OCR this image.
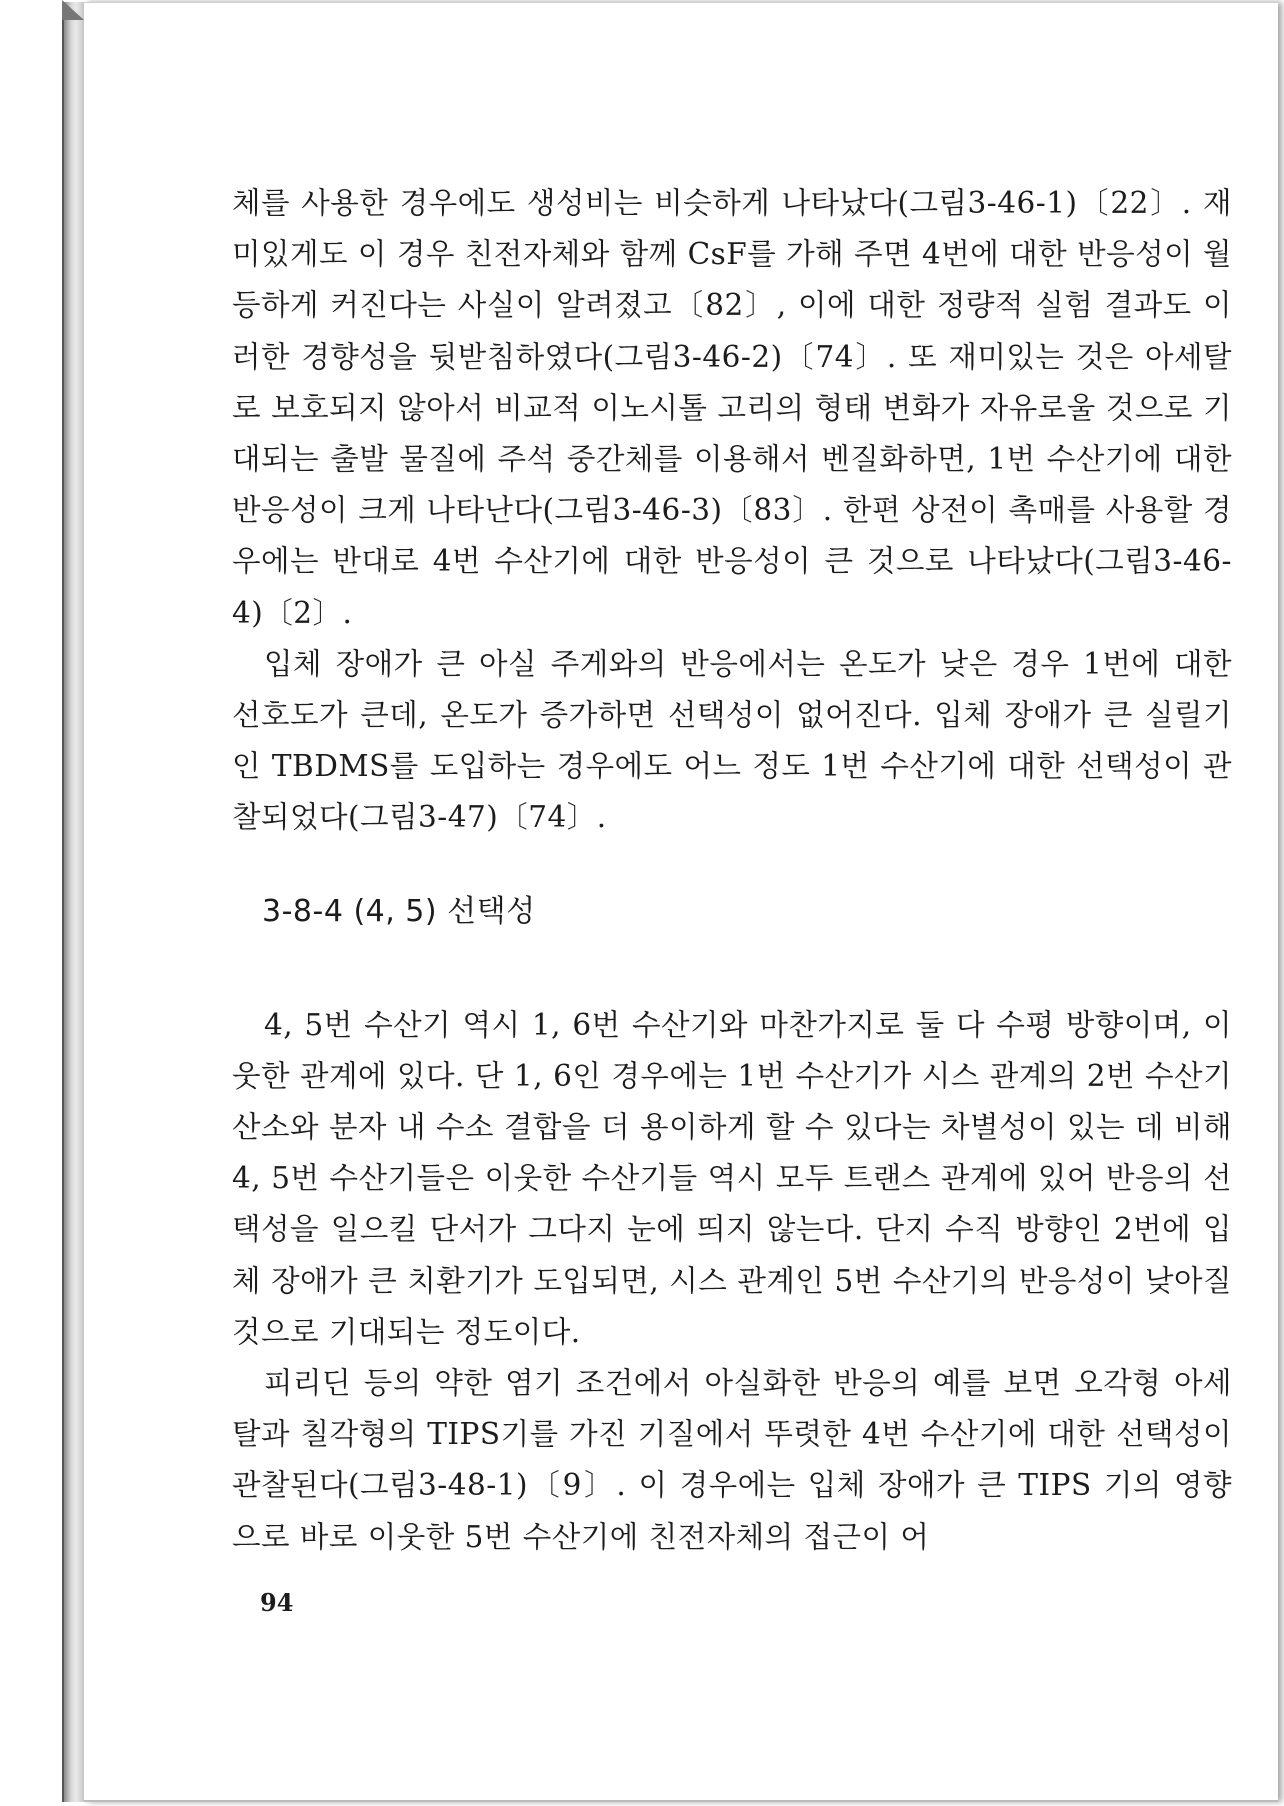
체를 사용한 경우에도 생성비는 비슷하게 나타났다(그림3-46-1)〔22〕. 재미있게도 이 경우 친전자체와 함께 CsF를 가해 주면 4번에 대한 반응성이 월등하게 커진다는 사실이 알려졌고〔82〕, 이에 대한 정량적 실험 결과도 이러한 경향성을 뒷받침하였다(그림3-46-2)〔74〕. 또 재미있는 것은 아세탈로 보호되지 않아서 비교적 이노시톨 고리의 형태 변화가 자유로울 것으로 기대되는 출발 물질에 주석 중간체를 이용해서 벤질화하면, 1번 수산기에 대한 반응성이 크게 나타난다(그림3-46-3)〔83〕. 한편 상전이 촉매를 사용할 경우에는 반대로 4번 수산기에 대한 반응성이 큰 것으로 나타났다(그림3-46-4)〔2〕.

입체 장애가 큰 아실 주게와의 반응에서는 온도가 낮은 경우 1번에 대한 선호도가 큰데, 온도가 증가하면 선택성이 없어진다. 입체 장애가 큰 실릴기인 TBDMS를 도입하는 경우에도 어느 정도 1번 수산기에 대한 선택성이 관찰되었다(그림3-47)〔74〕.

3-8-4 (4, 5) 선택성

4, 5번 수산기 역시 1, 6번 수산기와 마찬가지로 둘 다 수평 방향이며, 이웃한 관계에 있다. 단 1, 6인 경우에는 1번 수산기가 시스 관계의 2번 수산기 산소와 분자 내 수소 결합을 더 용이하게 할 수 있다는 차별성이 있는 데 비해 4, 5번 수산기들은 이웃한 수산기들 역시 모두 트랜스 관계에 있어 반응의 선택성을 일으킬 단서가 그다지 눈에 띄지 않는다. 단지 수직 방향인 2번에 입체 장애가 큰 치환기가 도입되면, 시스 관계인 5번 수산기의 반응성이 낮아질 것으로 기대되는 정도이다.

피리딘 등의 약한 염기 조건에서 아실화한 반응의 예를 보면 오각형 아세탈과 칠각형의 TIPS기를 가진 기질에서 뚜렷한 4번 수산기에 대한 선택성이 관찰된다(그림3-48-1)〔9〕. 이 경우에는 입체 장애가 큰 TIPS 기의 영향으로 바로 이웃한 5번 수산기에 친전자체의 접근이 어

94
